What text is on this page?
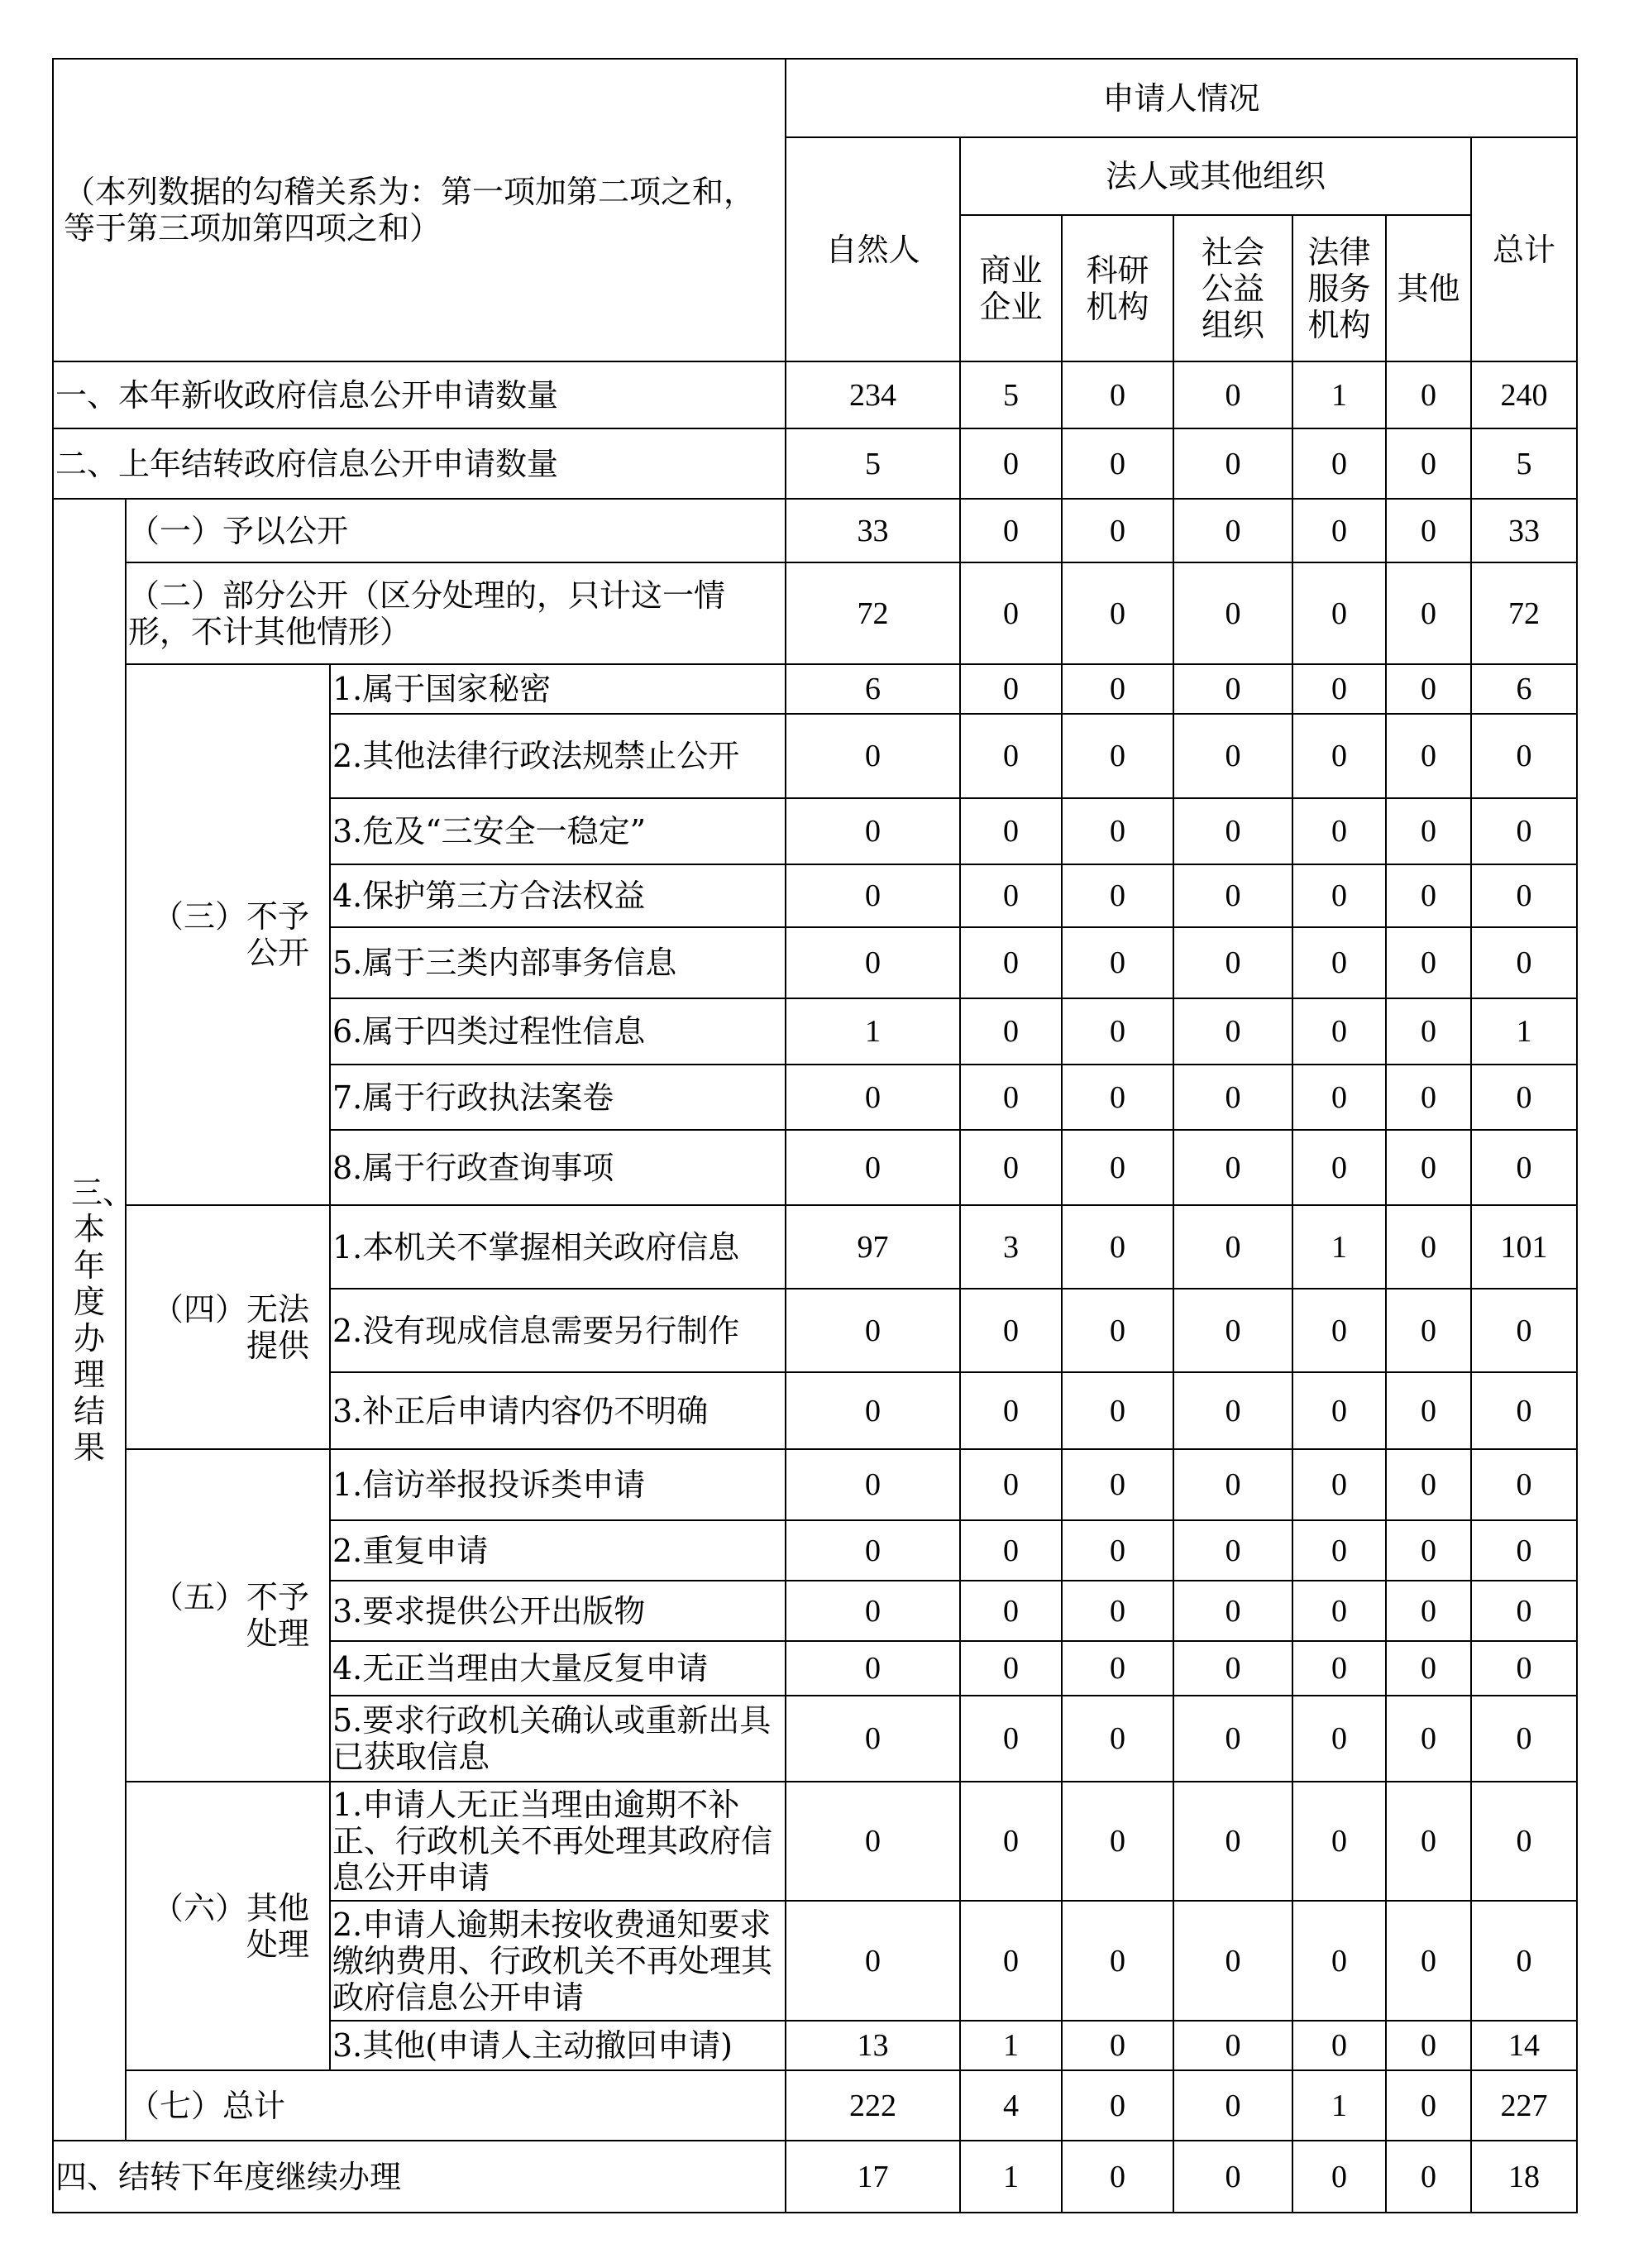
（本列数据的勾稽关系为：第一项加第二项之和，等于第三项加第四项之和）			申请人情况						
			自然人	法人或其他组织					总计
				商业企业	科研机构	社会公益组织	法律服务机构	其他	

一、本年新收政府信息公开申请数量			234	5	0	0	1	0	240

二、上年结转政府信息公开申请数量			5	0	0	0	0	0	5
三、本年度办理结果	（一）予以公开		33	0	0	0	0	0	33

	（二）部分公开（区分处理的，只计这一情形，不计其他情形）		72	0	0	0	0	0	72
	（三）不予公开	1.属于国家秘密	6	0	0	0	0	0	6

		2.其他法律行政法规禁止公开	0	0	0	0	0	0	0

		3.危及“三安全一稳定”	0	0	0	0	0	0	0

		4.保护第三方合法权益	0	0	0	0	0	0	0

		5.属于三类内部事务信息	0	0	0	0	0	0	0

		6.属于四类过程性信息	1	0	0	0	0	0	1

		7.属于行政执法案卷	0	0	0	0	0	0	0

		8.属于行政查询事项	0	0	0	0	0	0	0
	（四）无法提供	1.本机关不掌握相关政府信息	97	3	0	0	1	0	101

		2.没有现成信息需要另行制作	0	0	0	0	0	0	0

		3.补正后申请内容仍不明确	0	0	0	0	0	0	0
	（五）不予处理	1.信访举报投诉类申请	0	0	0	0	0	0	0

		2.重复申请	0	0	0	0	0	0	0

		3.要求提供公开出版物	0	0	0	0	0	0	0

		4.无正当理由大量反复申请	0	0	0	0	0	0	0

		5.要求行政机关确认或重新出具已获取信息	0	0	0	0	0	0	0
	（六）其他处理	1.申请人无正当理由逾期不补正、行政机关不再处理其政府信息公开申请	0	0	0	0	0	0	0

		2.申请人逾期未按收费通知要求缴纳费用、行政机关不再处理其政府信息公开申请	0	0	0	0	0	0	0

		3.其他(申请人主动撤回申请)	13	1	0	0	0	0	14

	（七）总计		222	4	0	0	1	0	227

四、结转下年度继续办理			17	1	0	0	0	0	18
